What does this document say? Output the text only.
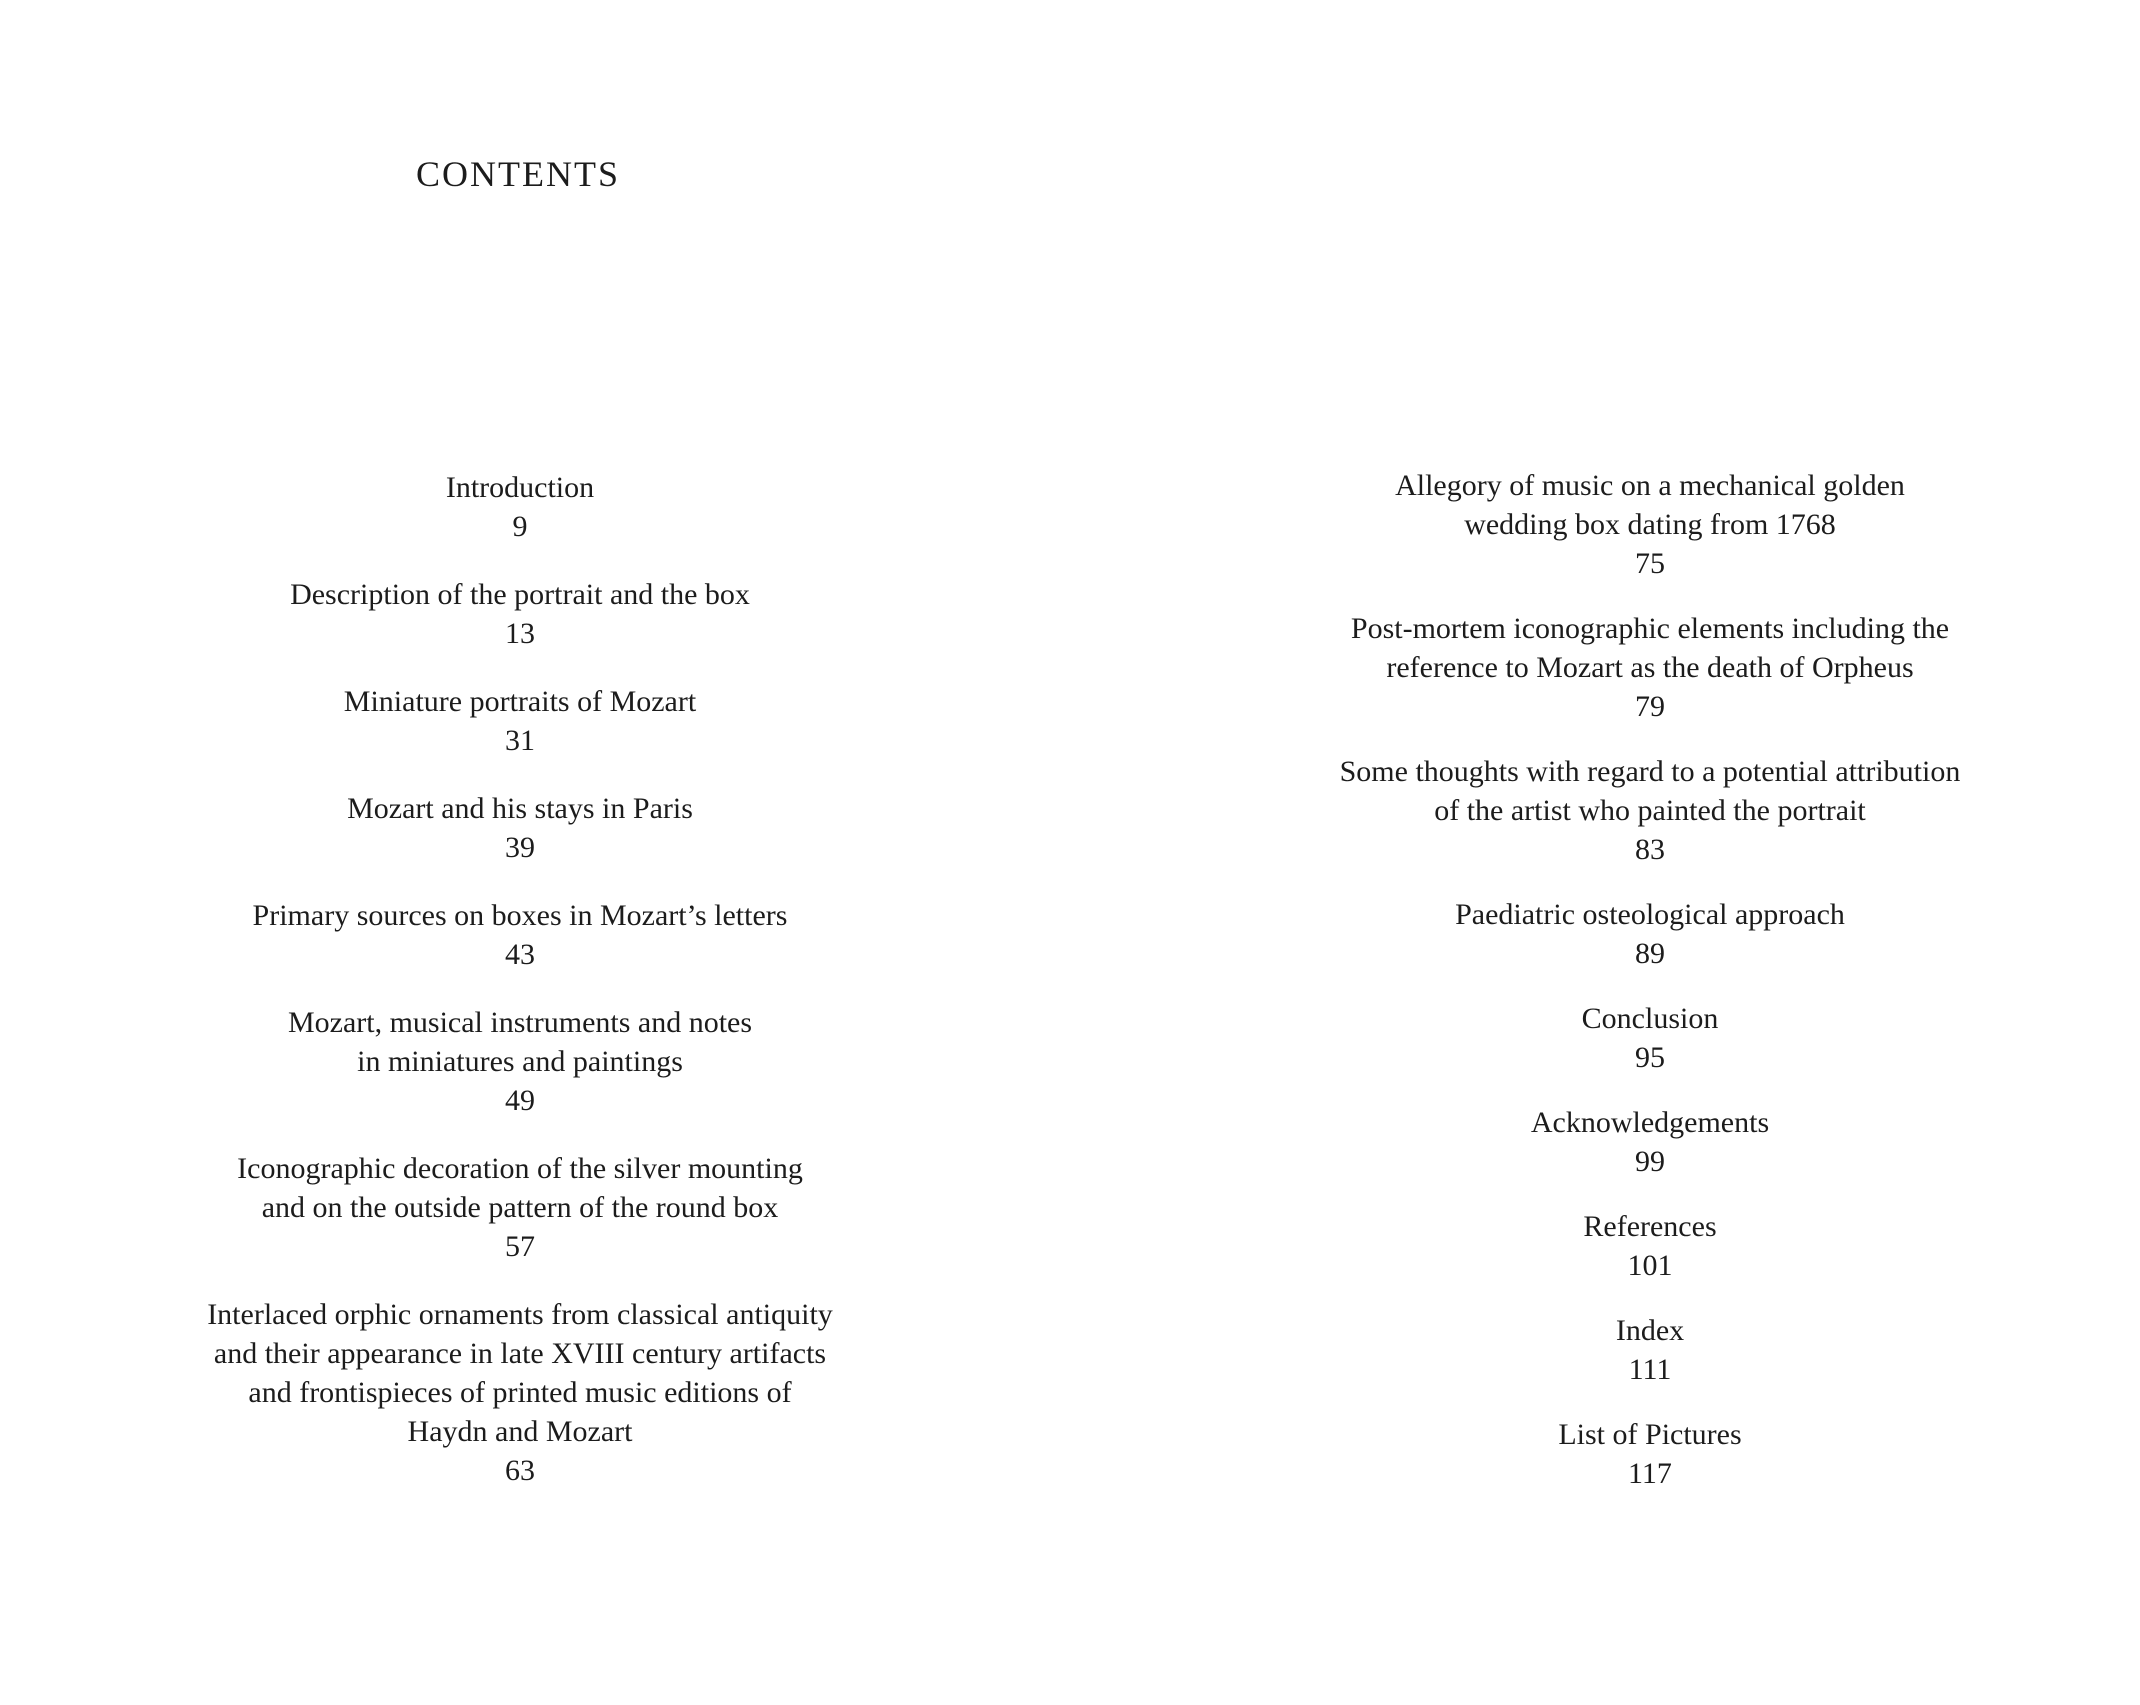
CONTENTS
Introduction
9
Description of the portrait and the box
13
Miniature portraits of Mozart
31
Mozart and his stays in Paris
39
Primary sources on boxes in Mozart’s letters
43
Mozart, musical instruments and notes
in miniatures and paintings
49
Iconographic decoration of the silver mounting
and on the outside pattern of the round box
57
Interlaced orphic ornaments from classical antiquity
and their appearance in late XVIII century artifacts
and frontispieces of printed music editions of
Haydn and Mozart
63
Allegory of music on a mechanical golden
wedding box dating from 1768
75
Post-mortem iconographic elements including the
reference to Mozart as the death of Orpheus
79
Some thoughts with regard to a potential attribution
of the artist who painted the portrait
83
Paediatric osteological approach
89
Conclusion
95
Acknowledgements
99
References
101
Index
111
List of Pictures
117
